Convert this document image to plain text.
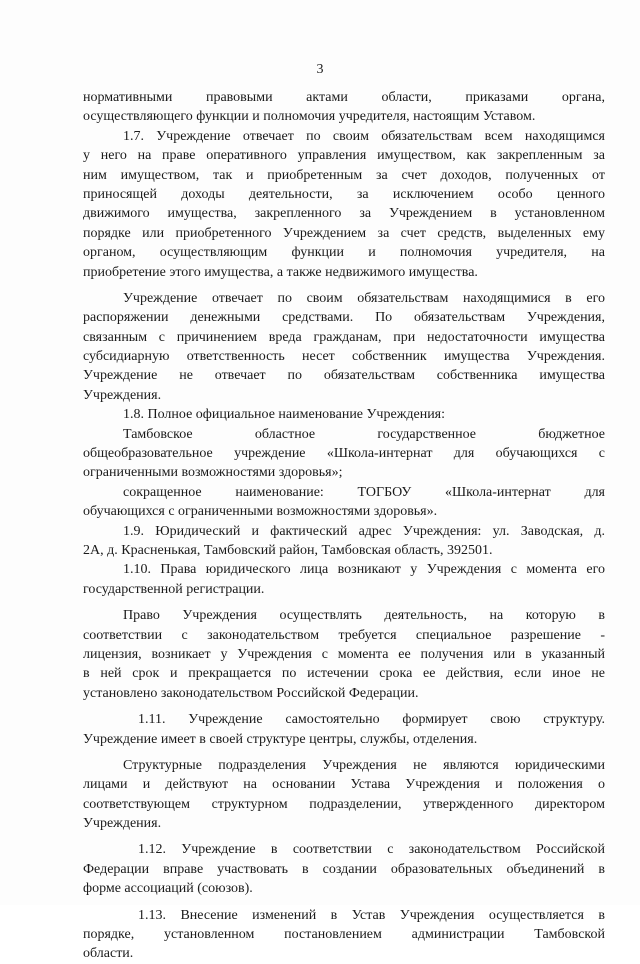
3
нормативными правовыми актами области, приказами органа,
осуществляющего функции и полномочия учредителя, настоящим Уставом.
1.7. Учреждение отвечает по своим обязательствам всем находящимся
у него на праве оперативного управления имуществом, как закрепленным за
ним имуществом, так и приобретенным за счет доходов, полученных от
приносящей доходы деятельности, за исключением особо ценного
движимого имущества, закрепленного за Учреждением в установленном
порядке или приобретенного Учреждением за счет средств, выделенных ему
органом, осуществляющим функции и полномочия учредителя, на
приобретение этого имущества, а также недвижимого имущества.
Учреждение отвечает по своим обязательствам находящимися в его
распоряжении денежными средствами. По обязательствам Учреждения,
связанным с причинением вреда гражданам, при недостаточности имущества
субсидиарную ответственность несет собственник имущества Учреждения.
Учреждение не отвечает по обязательствам собственника имущества
Учреждения.
1.8. Полное официальное наименование Учреждения:
Тамбовское областное государственное бюджетное
общеобразовательное учреждение «Школа-интернат для обучающихся с
ограниченными возможностями здоровья»;
сокращенное наименование: ТОГБОУ «Школа-интернат для
обучающихся с ограниченными возможностями здоровья».
1.9. Юридический и фактический адрес Учреждения: ул. Заводская, д.
2А, д. Красненькая, Тамбовский район, Тамбовская область, 392501.
1.10. Права юридического лица возникают у Учреждения с момента его
государственной регистрации.
Право Учреждения осуществлять деятельность, на которую в
соответствии с законодательством требуется специальное разрешение -
лицензия, возникает у Учреждения с момента ее получения или в указанный
в ней срок и прекращается по истечении срока ее действия, если иное не
установлено законодательством Российской Федерации.
1.11. Учреждение самостоятельно формирует свою структуру.
Учреждение имеет в своей структуре центры, службы, отделения.
Структурные подразделения Учреждения не являются юридическими
лицами и действуют на основании Устава Учреждения и положения о
соответствующем структурном подразделении, утвержденного директором
Учреждения.
1.12. Учреждение в соответствии с законодательством Российской
Федерации вправе участвовать в создании образовательных объединений в
форме ассоциаций (союзов).
1.13. Внесение изменений в Устав Учреждения осуществляется в
порядке, установленном постановлением администрации Тамбовской
области.
